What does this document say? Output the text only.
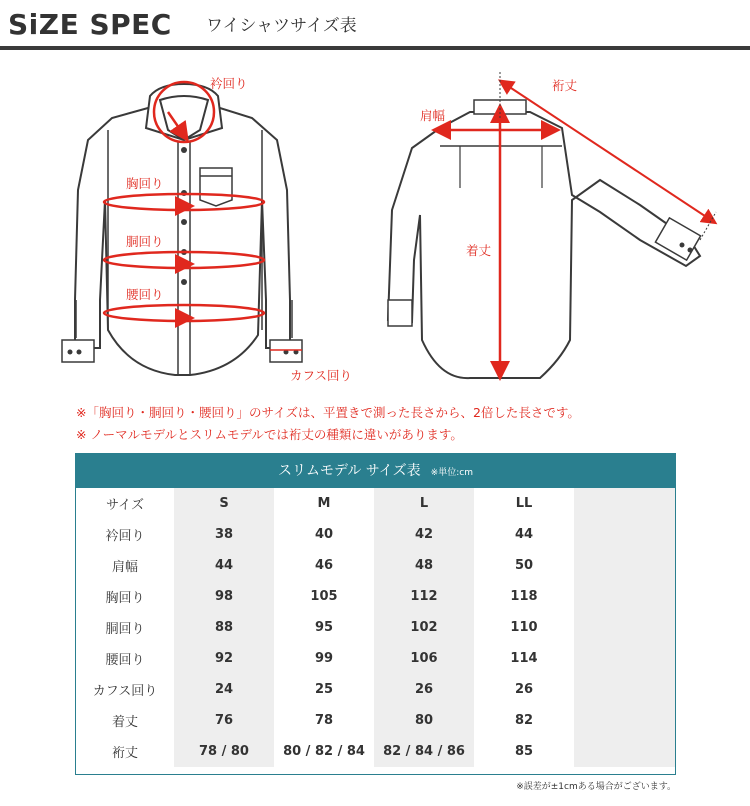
SiZE SPEC ワイシャツサイズ表
衿回り
胸回り
胴回り
腰回り
カフス回り
肩幅
裄丈
着丈
※「胸回り・胴回り・腰回り」のサイズは、平置きで測った長さから、2倍した長さです。
※ ノーマルモデルとスリムモデルでは裄丈の種類に違いがあります。
スリムモデル サイズ表 ※単位:cm
サイズ	S	M	L	LL	
衿回り	38	40	42	44	
肩幅	44	46	48	50	
胸回り	98	105	112	118	
胴回り	88	95	102	110	
腰回り	92	99	106	114	
カフス回り	24	25	26	26	
着丈	76	78	80	82	
裄丈	78 / 80	80 / 82 / 84	82 / 84 / 86	85	
※誤差が±1cmある場合がございます。
